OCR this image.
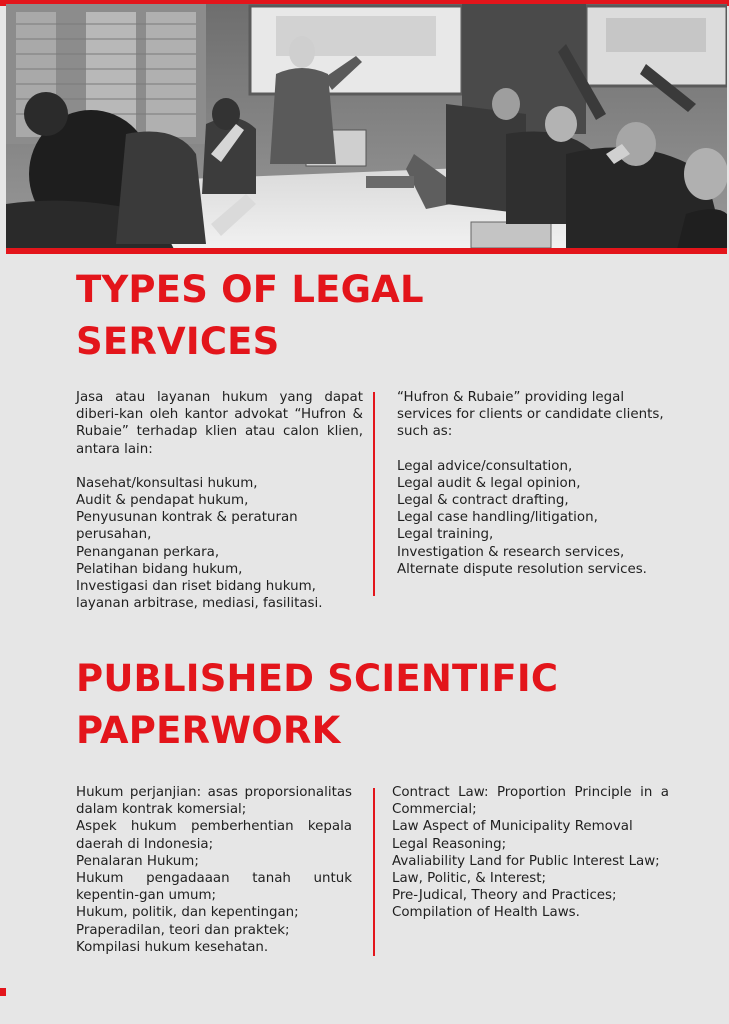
TYPES OF LEGAL
SERVICES

Jasa atau layanan hukum yang dapat diberi-kan oleh kantor advokat “Hufron & Rubaie” terhadap klien atau calon klien, antara lain:

Nasehat/konsultasi hukum,
Audit & pendapat hukum,
Penyusunan kontrak & peraturan perusahan,
Penanganan perkara,
Pelatihan bidang hukum,
Investigasi dan riset bidang hukum,
layanan arbitrase, mediasi, fasilitasi.

“Hufron & Rubaie” providing legal services for clients or candidate clients, such as:

Legal advice/consultation,
Legal audit & legal opinion,
Legal & contract drafting,
Legal case handling/litigation,
Legal training,
Investigation & research services,
Alternate dispute resolution services.
PUBLISHED SCIENTIFIC
PAPERWORK
Hukum perjanjian: asas proporsionalitas dalam kontrak komersial;
Aspek hukum pemberhentian kepala daerah di Indonesia;
Penalaran Hukum;
Hukum pengadaaan tanah untuk kepentin-gan umum;
Hukum, politik, dan kepentingan;
Praperadilan, teori dan praktek;
Kompilasi hukum kesehatan.
Contract Law: Proportion Principle in a Commercial;
Law Aspect of Municipality Removal
Legal Reasoning;
Avaliability Land for Public Interest Law;
Law, Politic, & Interest;
Pre-Judical, Theory and Practices;
Compilation of Health Laws.
